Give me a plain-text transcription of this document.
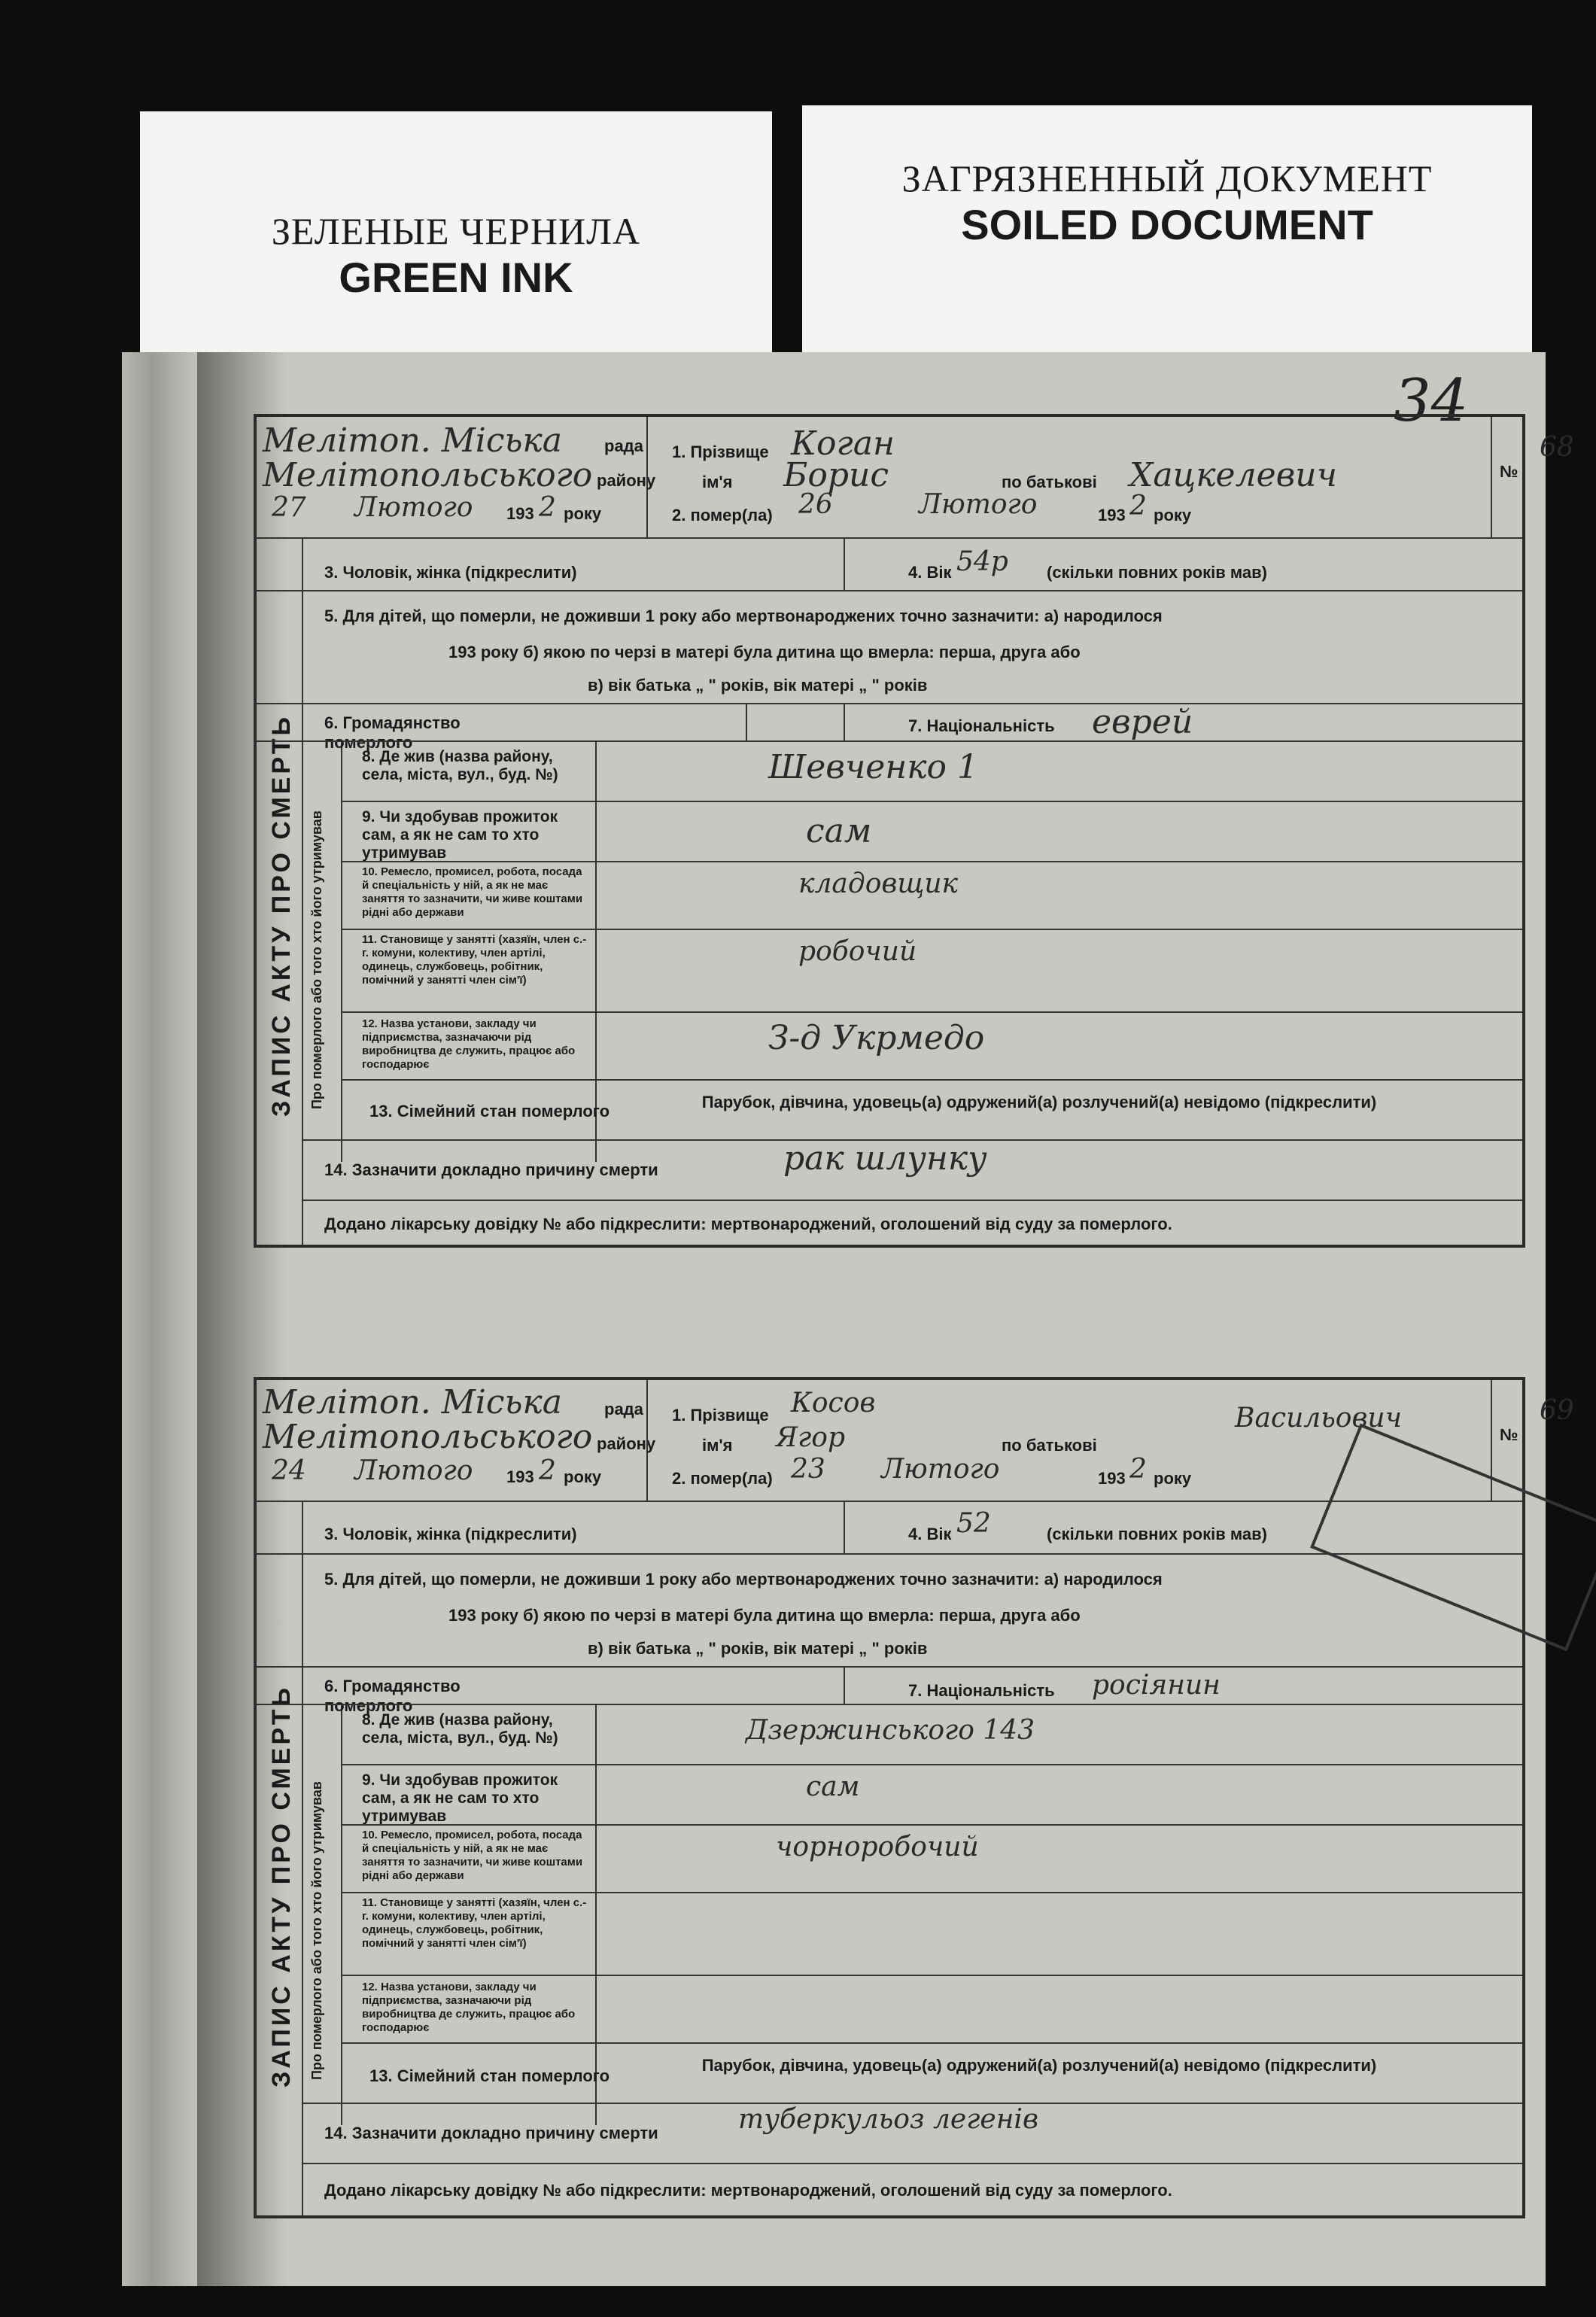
ЗЕЛЕНЫЕ ЧЕРНИЛА
GREEN INK
ЗАГРЯЗНЕННЫЙ ДОКУМЕНТ
SOILED DOCUMENT
34
Мелітоп. Міська	рада
Мелітопольського району
27 Лютого 193 2 року
1. Прізвище Коган
ім'я Борис	по батькові Хацкелевич
2. помер(ла) 26	Лютого	193 2 року
№
68
ЗАПИС АКТУ ПРО СМЕРТЬ Про померлого або того хто його утримував
3. Чоловік, жінка (підкреслити)	4. Вік 54р (скільки повних років мав)
5. Для дітей, що померли, не доживши 1 року або мертвонароджених точно зазначити: а) народилося
193 року б) якою по черзі в матері була дитина що вмерла: перша, друга або
в) вік батька „ " років, вік матері „ " років
6. Громадянство померлого
7. Національність еврей
8. Де жив (назва району, села, міста, вул., буд. №)	Шевченко 1
9. Чи здобував прожиток сам, а як не сам то хто утримував
сам
10. Ремесло, промисел, робота, посада й спеціальність у ній, а як не має заняття то зазначити, чи живе коштами рідні або держави
кладовщик
11. Становище у занятті (хазяїн, член с.-г. комуни, колективу, член артілі, одинець, службовець, робітник, помічний у занятті член сім'ї)
робочий
12. Назва установи, закладу чи підприємства, зазначаючи рід виробництва де служить, працює або господарює
З-д Укрмедо
13. Сімейний стан померлого	Парубок, дівчина, удовець(а) одружений(а) розлучений(а) невідомо (підкреслити)
14. Зазначити докладно причину смерти	рак шлунку
Додано лікарську довідку № або підкреслити: мертвонароджений, оголошений від суду за померлого.
Мелітоп. Міська	рада
Мелітопольського району
24 Лютого 193 2 року
1. Прізвище Косов
ім'я Ягор	по батькові
Васильович
2. помер(ла) 23 Лютого	193 2 року
№
69
ЗАПИС АКТУ ПРО СМЕРТЬ Про померлого або того хто його утримував
3. Чоловік, жінка (підкреслити)	4. Вік 52	(скільки повних років мав)
5. Для дітей, що померли, не доживши 1 року або мертвонароджених точно зазначити: а) народилося
193 року б) якою по черзі в матері була дитина що вмерла: перша, друга або
в) вік батька „ " років, вік матері „ " років
6. Громадянство померлого
7. Національність росіянин
8. Де жив (назва району, села, міста, вул., буд. №)	Дзержинського 143
9. Чи здобував прожиток сам, а як не сам то хто утримував
сам
10. Ремесло, промисел, робота, посада й спеціальність у ній, а як не має заняття то зазначити, чи живе коштами рідні або держави
чорноробочий
11. Становище у занятті (хазяїн, член с.-г. комуни, колективу, член артілі, одинець, службовець, робітник, помічний у занятті член сім'ї)
12. Назва установи, закладу чи підприємства, зазначаючи рід виробництва де служить, працює або господарює
13. Сімейний стан померлого
Парубок, дівчина, удовець(а) одружений(а) розлучений(а) невідомо (підкреслити)
14. Зазначити докладно причину смерти	туберкульоз легенів
Додано лікарську довідку № або підкреслити: мертвонароджений, оголошений від суду за померлого.
